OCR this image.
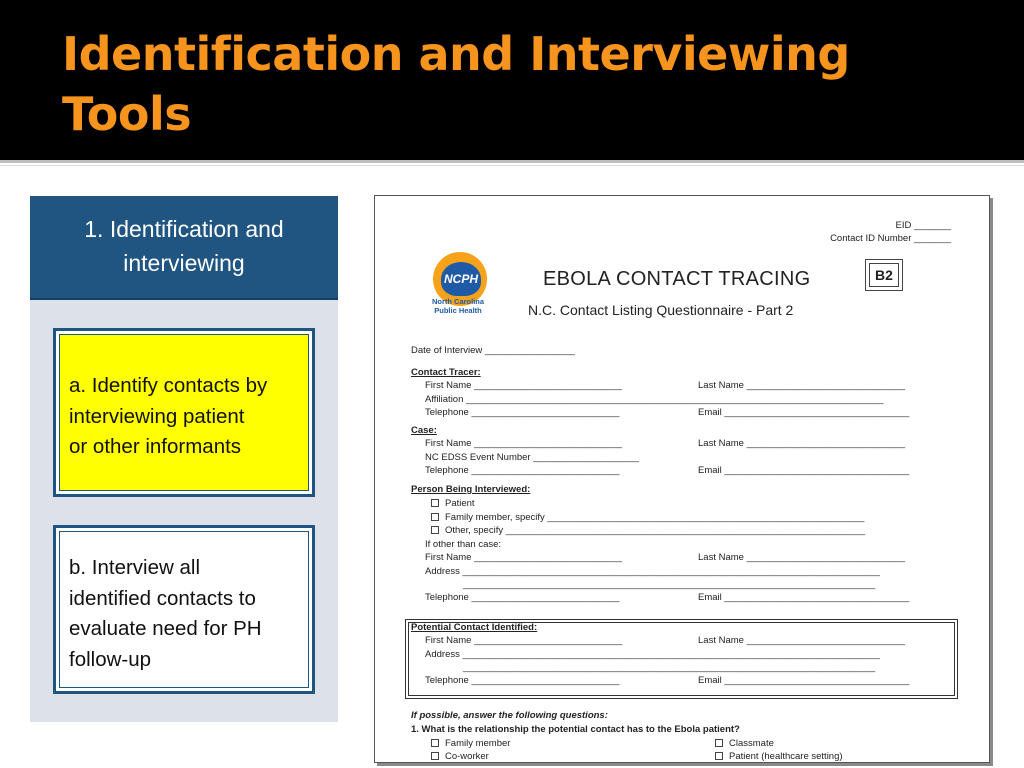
Identification and Interviewing
Tools
1. Identification and
interviewing
a. Identify contacts by
interviewing patient
or other informants
b. Interview all
identified contacts to
evaluate need for PH
follow-up
EID _______
Contact ID Number _______
NCPH
North Carolina
Public Health
EBOLA CONTACT TRACING
N.C. Contact Listing Questionnaire - Part 2
B2
Date of Interview _________________
Contact Tracer:
First Name ____________________________	Last Name ______________________________
Affiliation _______________________________________________________________________________
Telephone ____________________________	Email ___________________________________
Case:
First Name ____________________________	Last Name ______________________________
NC EDSS Event Number ____________________
Telephone ____________________________	Email ___________________________________
Person Being Interviewed:
Patient
Family member, specify ____________________________________________________________
Other, specify ____________________________________________________________________
If other than case:
First Name ____________________________	Last Name ______________________________
Address _______________________________________________________________________________
______________________________________________________________________________
Telephone ____________________________	Email ___________________________________
Potential Contact Identified:
First Name ____________________________	Last Name ______________________________
Address _______________________________________________________________________________
______________________________________________________________________________
Telephone ____________________________	Email ___________________________________
If possible, answer the following questions:
1. What is the relationship the potential contact has to the Ebola patient?
Family member	Classmate
Co-worker	Patient (healthcare setting)
